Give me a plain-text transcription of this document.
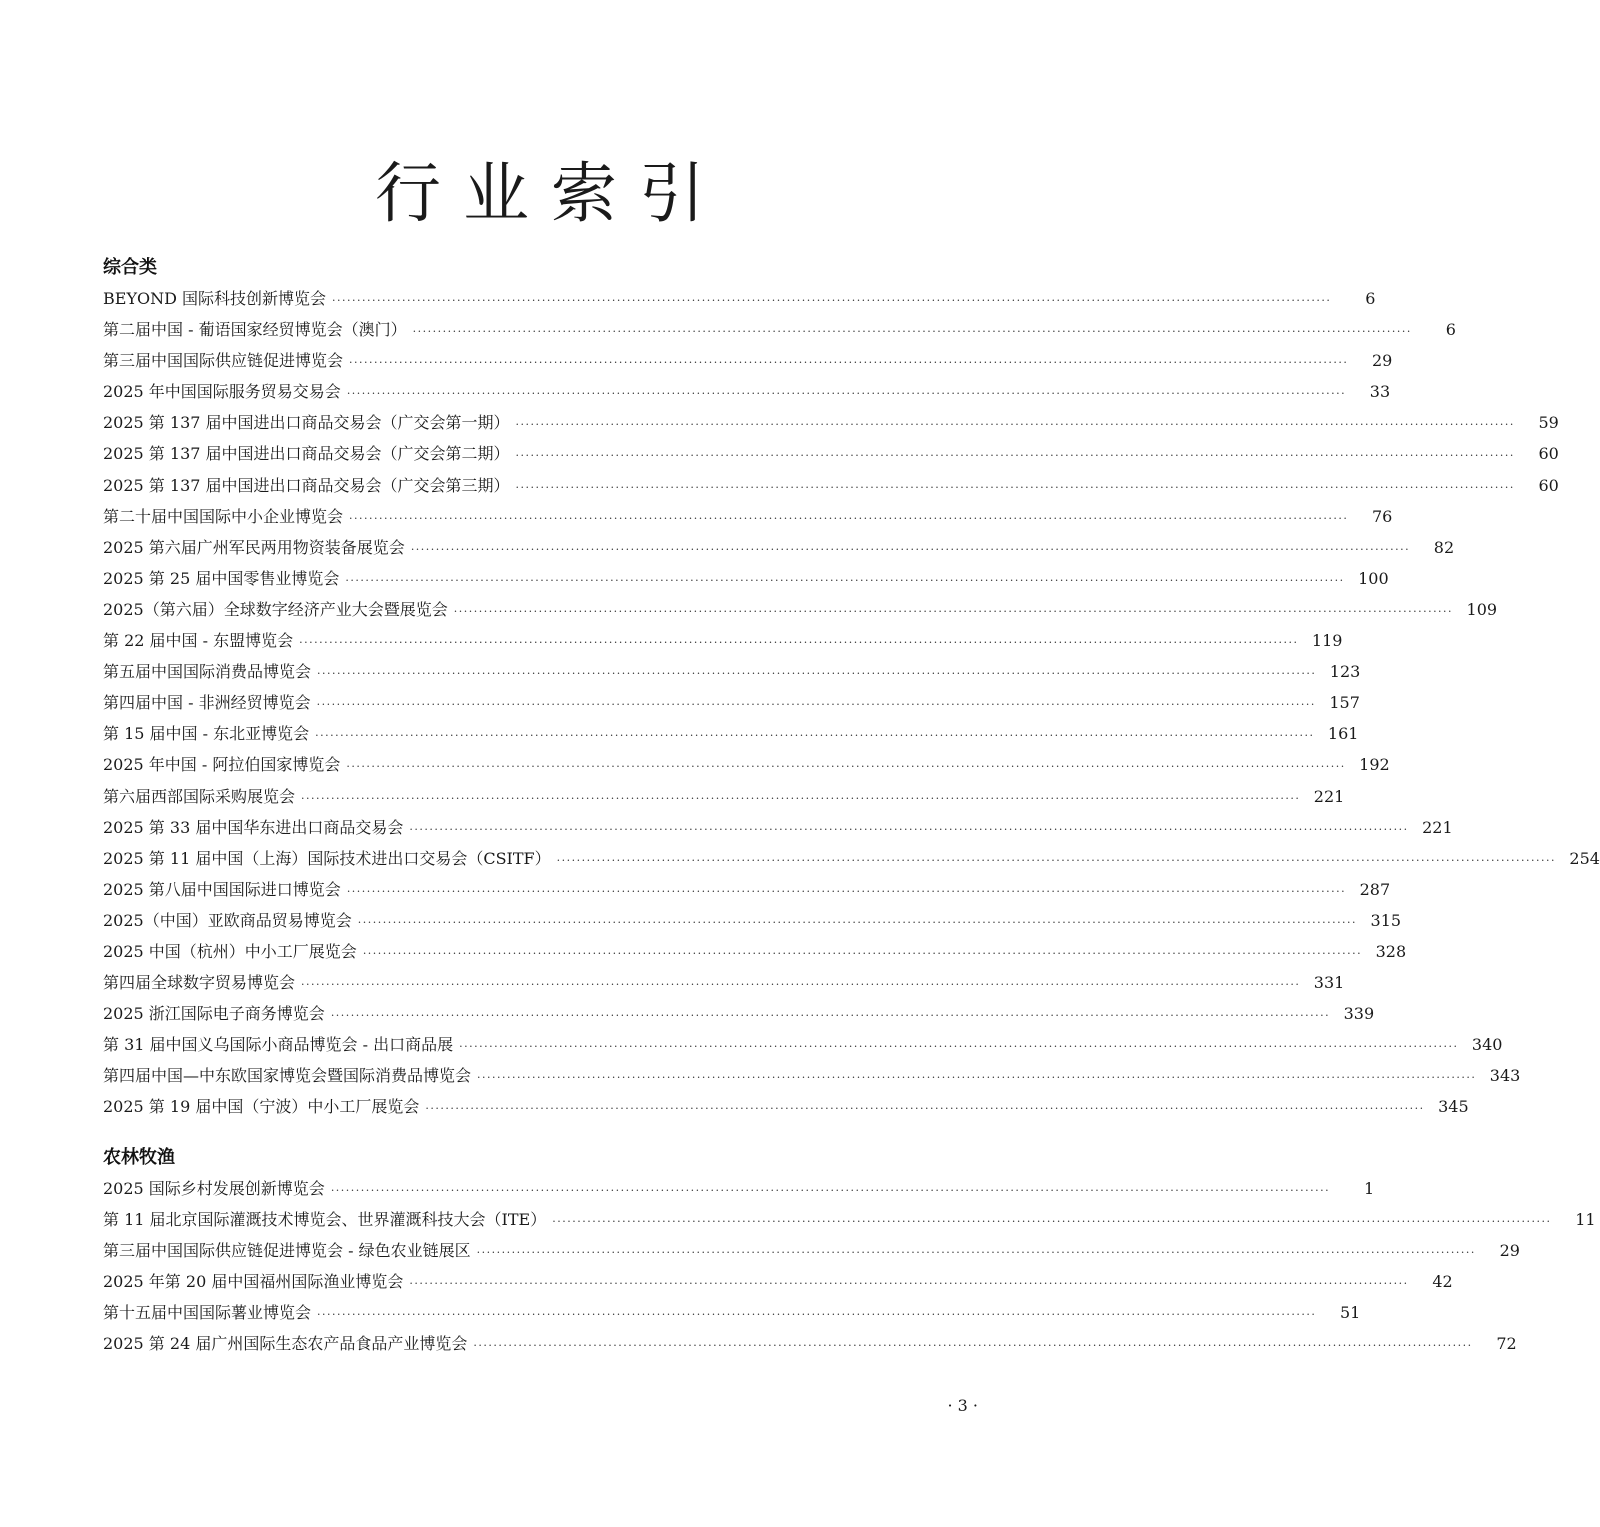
行业索引
综合类
BEYOND 国际科技创新博览会 ········································································································································································································	6
第二届中国 - 葡语国家经贸博览会（澳门） ········································································································································································································	6
第三届中国国际供应链促进博览会 ········································································································································································································	29
2025 年中国国际服务贸易交易会 ········································································································································································································	33
2025 第 137 届中国进出口商品交易会（广交会第一期） ········································································································································································································	59
2025 第 137 届中国进出口商品交易会（广交会第二期） ········································································································································································································	60
2025 第 137 届中国进出口商品交易会（广交会第三期） ········································································································································································································	60
第二十届中国国际中小企业博览会 ········································································································································································································	76
2025 第六届广州军民两用物资装备展览会 ········································································································································································································	82
2025 第 25 届中国零售业博览会 ········································································································································································································ 100
2025（第六届）全球数字经济产业大会暨展览会 ········································································································································································································ 109
第 22 届中国 - 东盟博览会 ········································································································································································································ 119
第五届中国国际消费品博览会 ········································································································································································································ 123
第四届中国 - 非洲经贸博览会 ········································································································································································································ 157
第 15 届中国 - 东北亚博览会 ········································································································································································································ 161
2025 年中国 - 阿拉伯国家博览会 ········································································································································································································ 192
第六届西部国际采购展览会 ········································································································································································································ 221
2025 第 33 届中国华东进出口商品交易会 ········································································································································································································ 221
2025 第 11 届中国（上海）国际技术进出口交易会（CSITF） ········································································································································································································ 254
2025 第八届中国国际进口博览会 ········································································································································································································ 287
2025（中国）亚欧商品贸易博览会 ········································································································································································································ 315
2025 中国（杭州）中小工厂展览会 ········································································································································································································ 328
第四届全球数字贸易博览会 ········································································································································································································ 331
2025 浙江国际电子商务博览会 ········································································································································································································ 339
第 31 届中国义乌国际小商品博览会 - 出口商品展 ········································································································································································································ 340
第四届中国—中东欧国家博览会暨国际消费品博览会 ········································································································································································································ 343
2025 第 19 届中国（宁波）中小工厂展览会 ········································································································································································································ 345
农林牧渔
2025 国际乡村发展创新博览会 ········································································································································································································	1
第 11 届北京国际灌溉技术博览会、世界灌溉科技大会（ITE） ········································································································································································································	11
第三届中国国际供应链促进博览会 - 绿色农业链展区 ········································································································································································································	29
2025 年第 20 届中国福州国际渔业博览会 ········································································································································································································	42
第十五届中国国际薯业博览会 ········································································································································································································	51
2025 第 24 届广州国际生态农产品食品产业博览会 ········································································································································································································	72
· 3 ·
